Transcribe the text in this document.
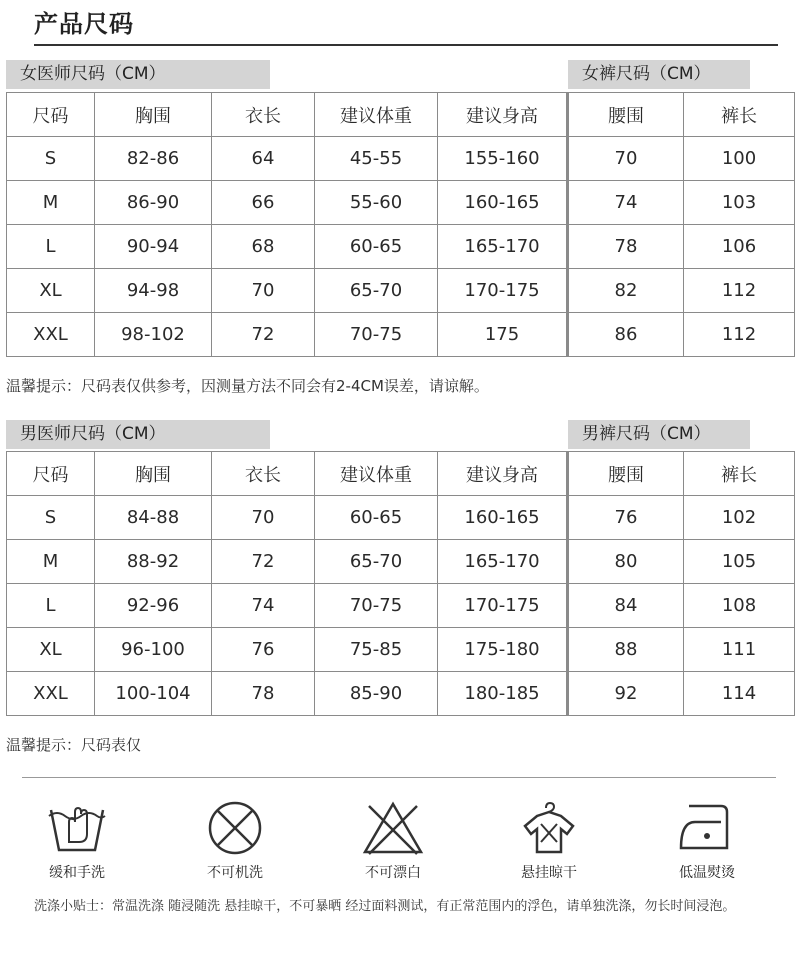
产品尺码
女医师尺码（CM）	女裤尺码（CM）
尺码	胸围	衣长	建议体重	建议身高	腰围	裤长
S	82-86	64	45-55	155-160	70	100
M	86-90	66	55-60	160-165	74	103
L	90-94	68	60-65	165-170	78	106
XL	94-98	70	65-70	170-175	82	112
XXL	98-102	72	70-75	175	86	112
温馨提示：尺码表仅供参考，因测量方法不同会有2-4CM误差，请谅解。
男医师尺码（CM）	男裤尺码（CM）
尺码	胸围	衣长	建议体重	建议身高	腰围	裤长
S	84-88	70	60-65	160-165	76	102
M	88-92	72	65-70	165-170	80	105
L	92-96	74	70-75	170-175	84	108
XL	96-100	76	75-85	175-180	88	111
XXL	100-104	78	85-90	180-185	92	114
温馨提示：尺码表仅
缓和手洗	不可机洗	不可漂白	悬挂晾干	低温熨烫
洗涤小贴士：常温洗涤 随浸随洗 悬挂晾干，不可暴晒 经过面料测试，有正常范围内的浮色，请单独洗涤，勿长时间浸泡。
